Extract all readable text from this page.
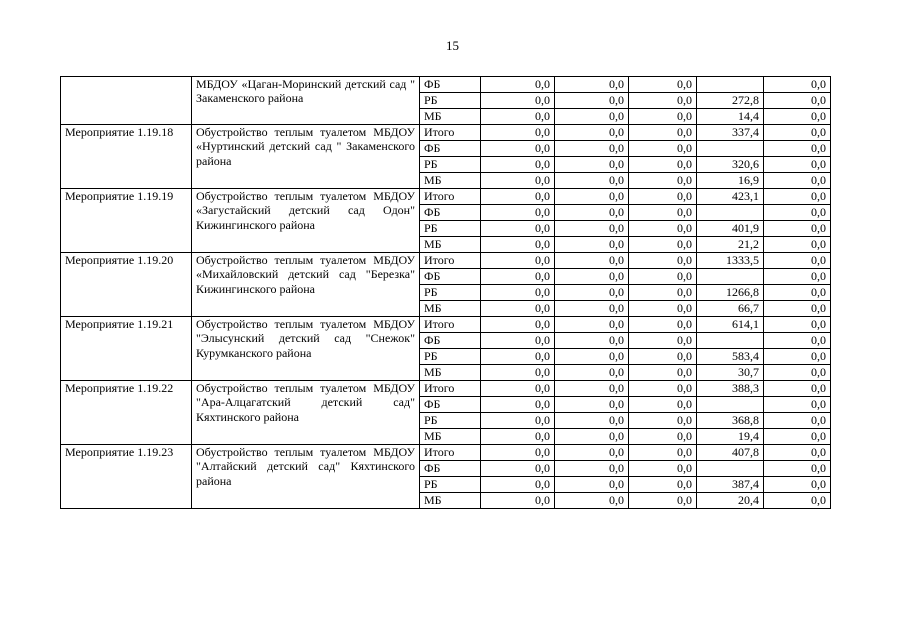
15
	МБДОУ «Цаган-Моринский детский сад " Закаменского района	ФБ	0,0	0,0	0,0		0,0
		РБ	0,0	0,0	0,0	272,8	0,0
		МБ	0,0	0,0	0,0	14,4	0,0
Мероприятие 1.19.18	Обустройство теплым туалетом МБДОУ «Нуртинский детский сад " Закаменского района	Итого	0,0	0,0	0,0	337,4	0,0
		ФБ	0,0	0,0	0,0		0,0
		РБ	0,0	0,0	0,0	320,6	0,0
		МБ	0,0	0,0	0,0	16,9	0,0
Мероприятие 1.19.19	Обустройство теплым туалетом МБДОУ «Загустайский детский сад Одон" Кижингинского района	Итого	0,0	0,0	0,0	423,1	0,0
		ФБ	0,0	0,0	0,0		0,0
		РБ	0,0	0,0	0,0	401,9	0,0
		МБ	0,0	0,0	0,0	21,2	0,0
Мероприятие 1.19.20	Обустройство теплым туалетом МБДОУ «Михайловский детский сад "Березка" Кижингинского района	Итого	0,0	0,0	0,0	1333,5	0,0
		ФБ	0,0	0,0	0,0		0,0
		РБ	0,0	0,0	0,0	1266,8	0,0
		МБ	0,0	0,0	0,0	66,7	0,0
Мероприятие 1.19.21	Обустройство теплым туалетом МБДОУ "Элысунский детский сад "Снежок" Курумканского района	Итого	0,0	0,0	0,0	614,1	0,0
		ФБ	0,0	0,0	0,0		0,0
		РБ	0,0	0,0	0,0	583,4	0,0
		МБ	0,0	0,0	0,0	30,7	0,0
Мероприятие 1.19.22	Обустройство теплым туалетом МБДОУ "Ара-Алцагатский детский сад" Кяхтинского района	Итого	0,0	0,0	0,0	388,3	0,0
		ФБ	0,0	0,0	0,0		0,0
		РБ	0,0	0,0	0,0	368,8	0,0
		МБ	0,0	0,0	0,0	19,4	0,0
Мероприятие 1.19.23	Обустройство теплым туалетом МБДОУ "Алтайский детский сад" Кяхтинского района	Итого	0,0	0,0	0,0	407,8	0,0
		ФБ	0,0	0,0	0,0		0,0
		РБ	0,0	0,0	0,0	387,4	0,0
		МБ	0,0	0,0	0,0	20,4	0,0
